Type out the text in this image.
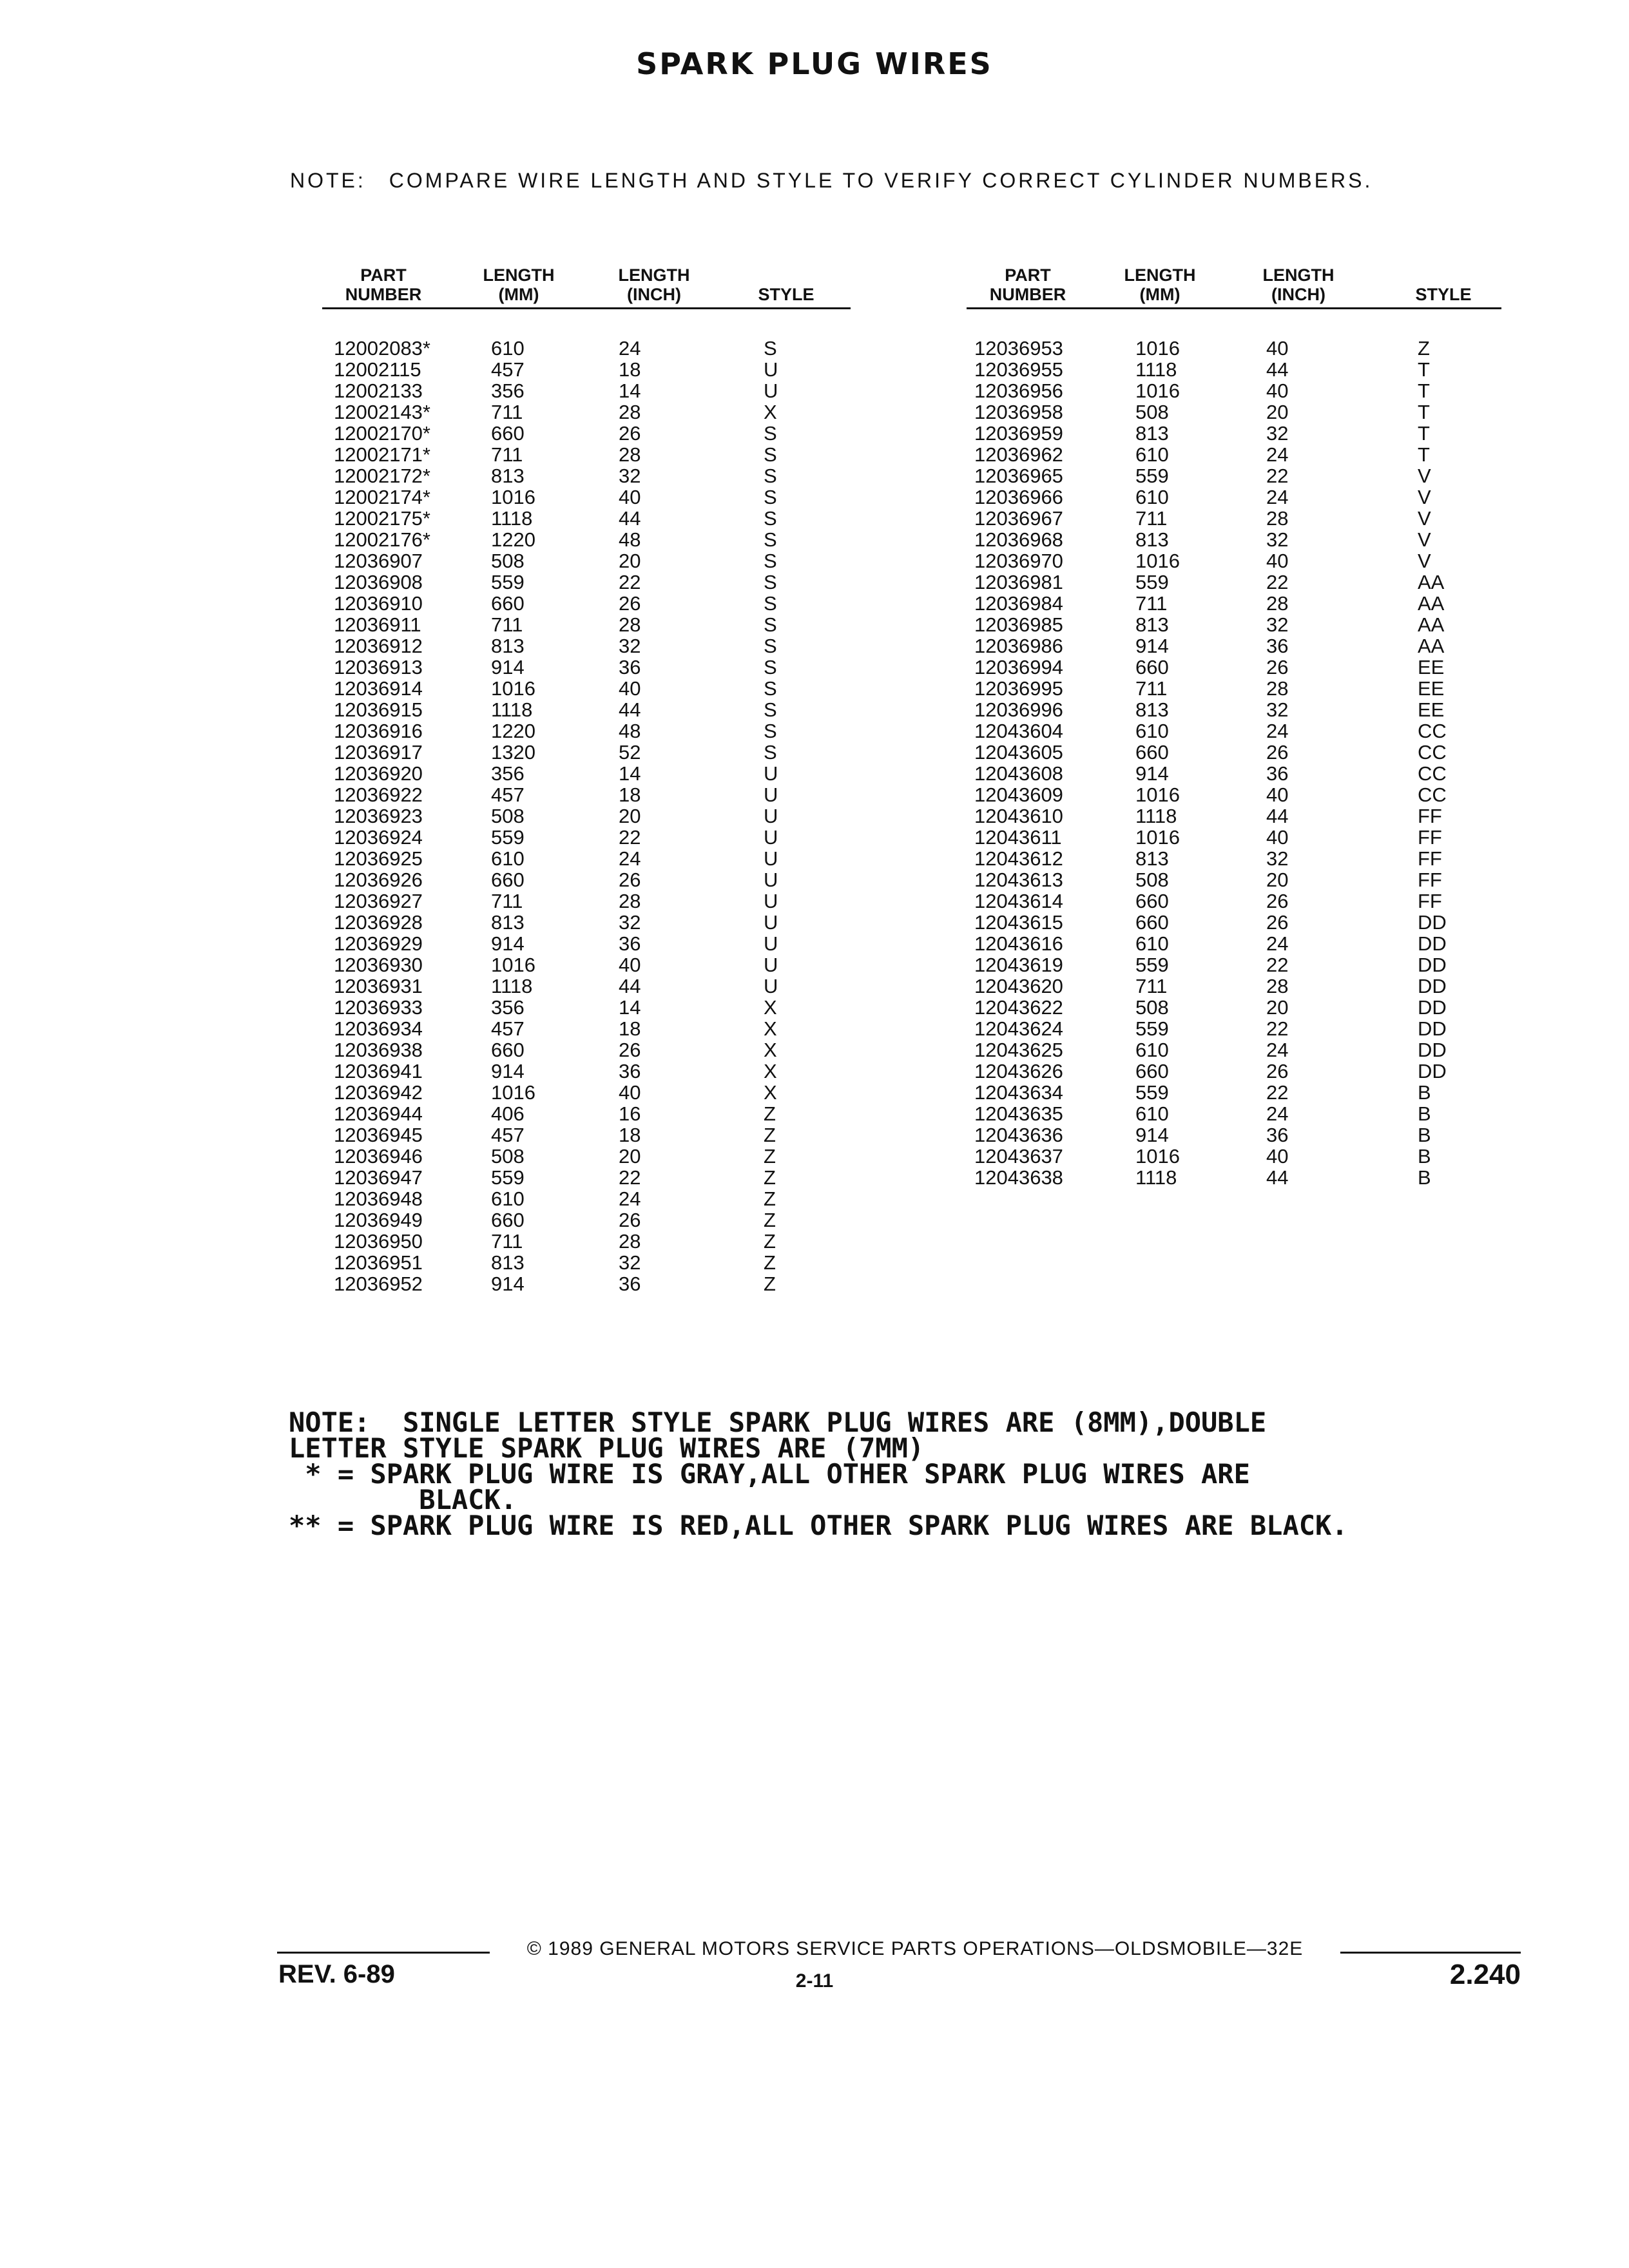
SPARK PLUG WIRES
NOTE: COMPARE WIRE LENGTH AND STYLE TO VERIFY CORRECT CYLINDER NUMBERS.
PART
NUMBER
LENGTH
(MM)
LENGTH
(INCH)	STYLE
12002083*	610	24	S
12002115	457	18	U
12002133	356	14	U
12002143*	711	28	X
12002170*	660	26	S
12002171*	711	28	S
12002172*	813	32	S
12002174*	1016	40	S
12002175*	1118	44	S
12002176*	1220	48	S
12036907	508	20	S
12036908	559	22	S
12036910	660	26	S
12036911	711	28	S
12036912	813	32	S
12036913	914	36	S
12036914	1016	40	S
12036915	1118	44	S
12036916	1220	48	S
12036917	1320	52	S
12036920	356	14	U
12036922	457	18	U
12036923	508	20	U
12036924	559	22	U
12036925	610	24	U
12036926	660	26	U
12036927	711	28	U
12036928	813	32	U
12036929	914	36	U
12036930	1016	40	U
12036931	1118	44	U
12036933	356	14	X
12036934	457	18	X
12036938	660	26	X
12036941	914	36	X
12036942	1016	40	X
12036944	406	16	Z
12036945	457	18	Z
12036946	508	20	Z
12036947	559	22	Z
12036948	610	24	Z
12036949	660	26	Z
12036950	711	28	Z
12036951	813	32	Z
12036952	914	36	Z
PART
NUMBER
LENGTH
(MM)
LENGTH
(INCH)	STYLE
12036953	1016	40	Z
12036955	1118	44	T
12036956	1016	40	T
12036958	508	20	T
12036959	813	32	T
12036962	610	24	T
12036965	559	22	V
12036966	610	24	V
12036967	711	28	V
12036968	813	32	V
12036970	1016	40	V
12036981	559	22	AA
12036984	711	28	AA
12036985	813	32	AA
12036986	914	36	AA
12036994	660	26	EE
12036995	711	28	EE
12036996	813	32	EE
12043604	610	24	CC
12043605	660	26	CC
12043608	914	36	CC
12043609	1016	40	CC
12043610	1118	44	FF
12043611	1016	40	FF
12043612	813	32	FF
12043613	508	20	FF
12043614	660	26	FF
12043615	660	26	DD
12043616	610	24	DD
12043619	559	22	DD
12043620	711	28	DD
12043622	508	20	DD
12043624	559	22	DD
12043625	610	24	DD
12043626	660	26	DD
12043634	559	22	B
12043635	610	24	B
12043636	914	36	B
12043637	1016	40	B
12043638	1118	44	B
NOTE:  SINGLE LETTER STYLE SPARK PLUG WIRES ARE (8MM),DOUBLE
LETTER STYLE SPARK PLUG WIRES ARE (7MM)
* = SPARK PLUG WIRE IS GRAY,ALL OTHER SPARK PLUG WIRES ARE
BLACK.
** = SPARK PLUG WIRE IS RED,ALL OTHER SPARK PLUG WIRES ARE BLACK.
© 1989 GENERAL MOTORS SERVICE PARTS OPERATIONS—OLDSMOBILE—32E
REV. 6-89	2-11	2.240
